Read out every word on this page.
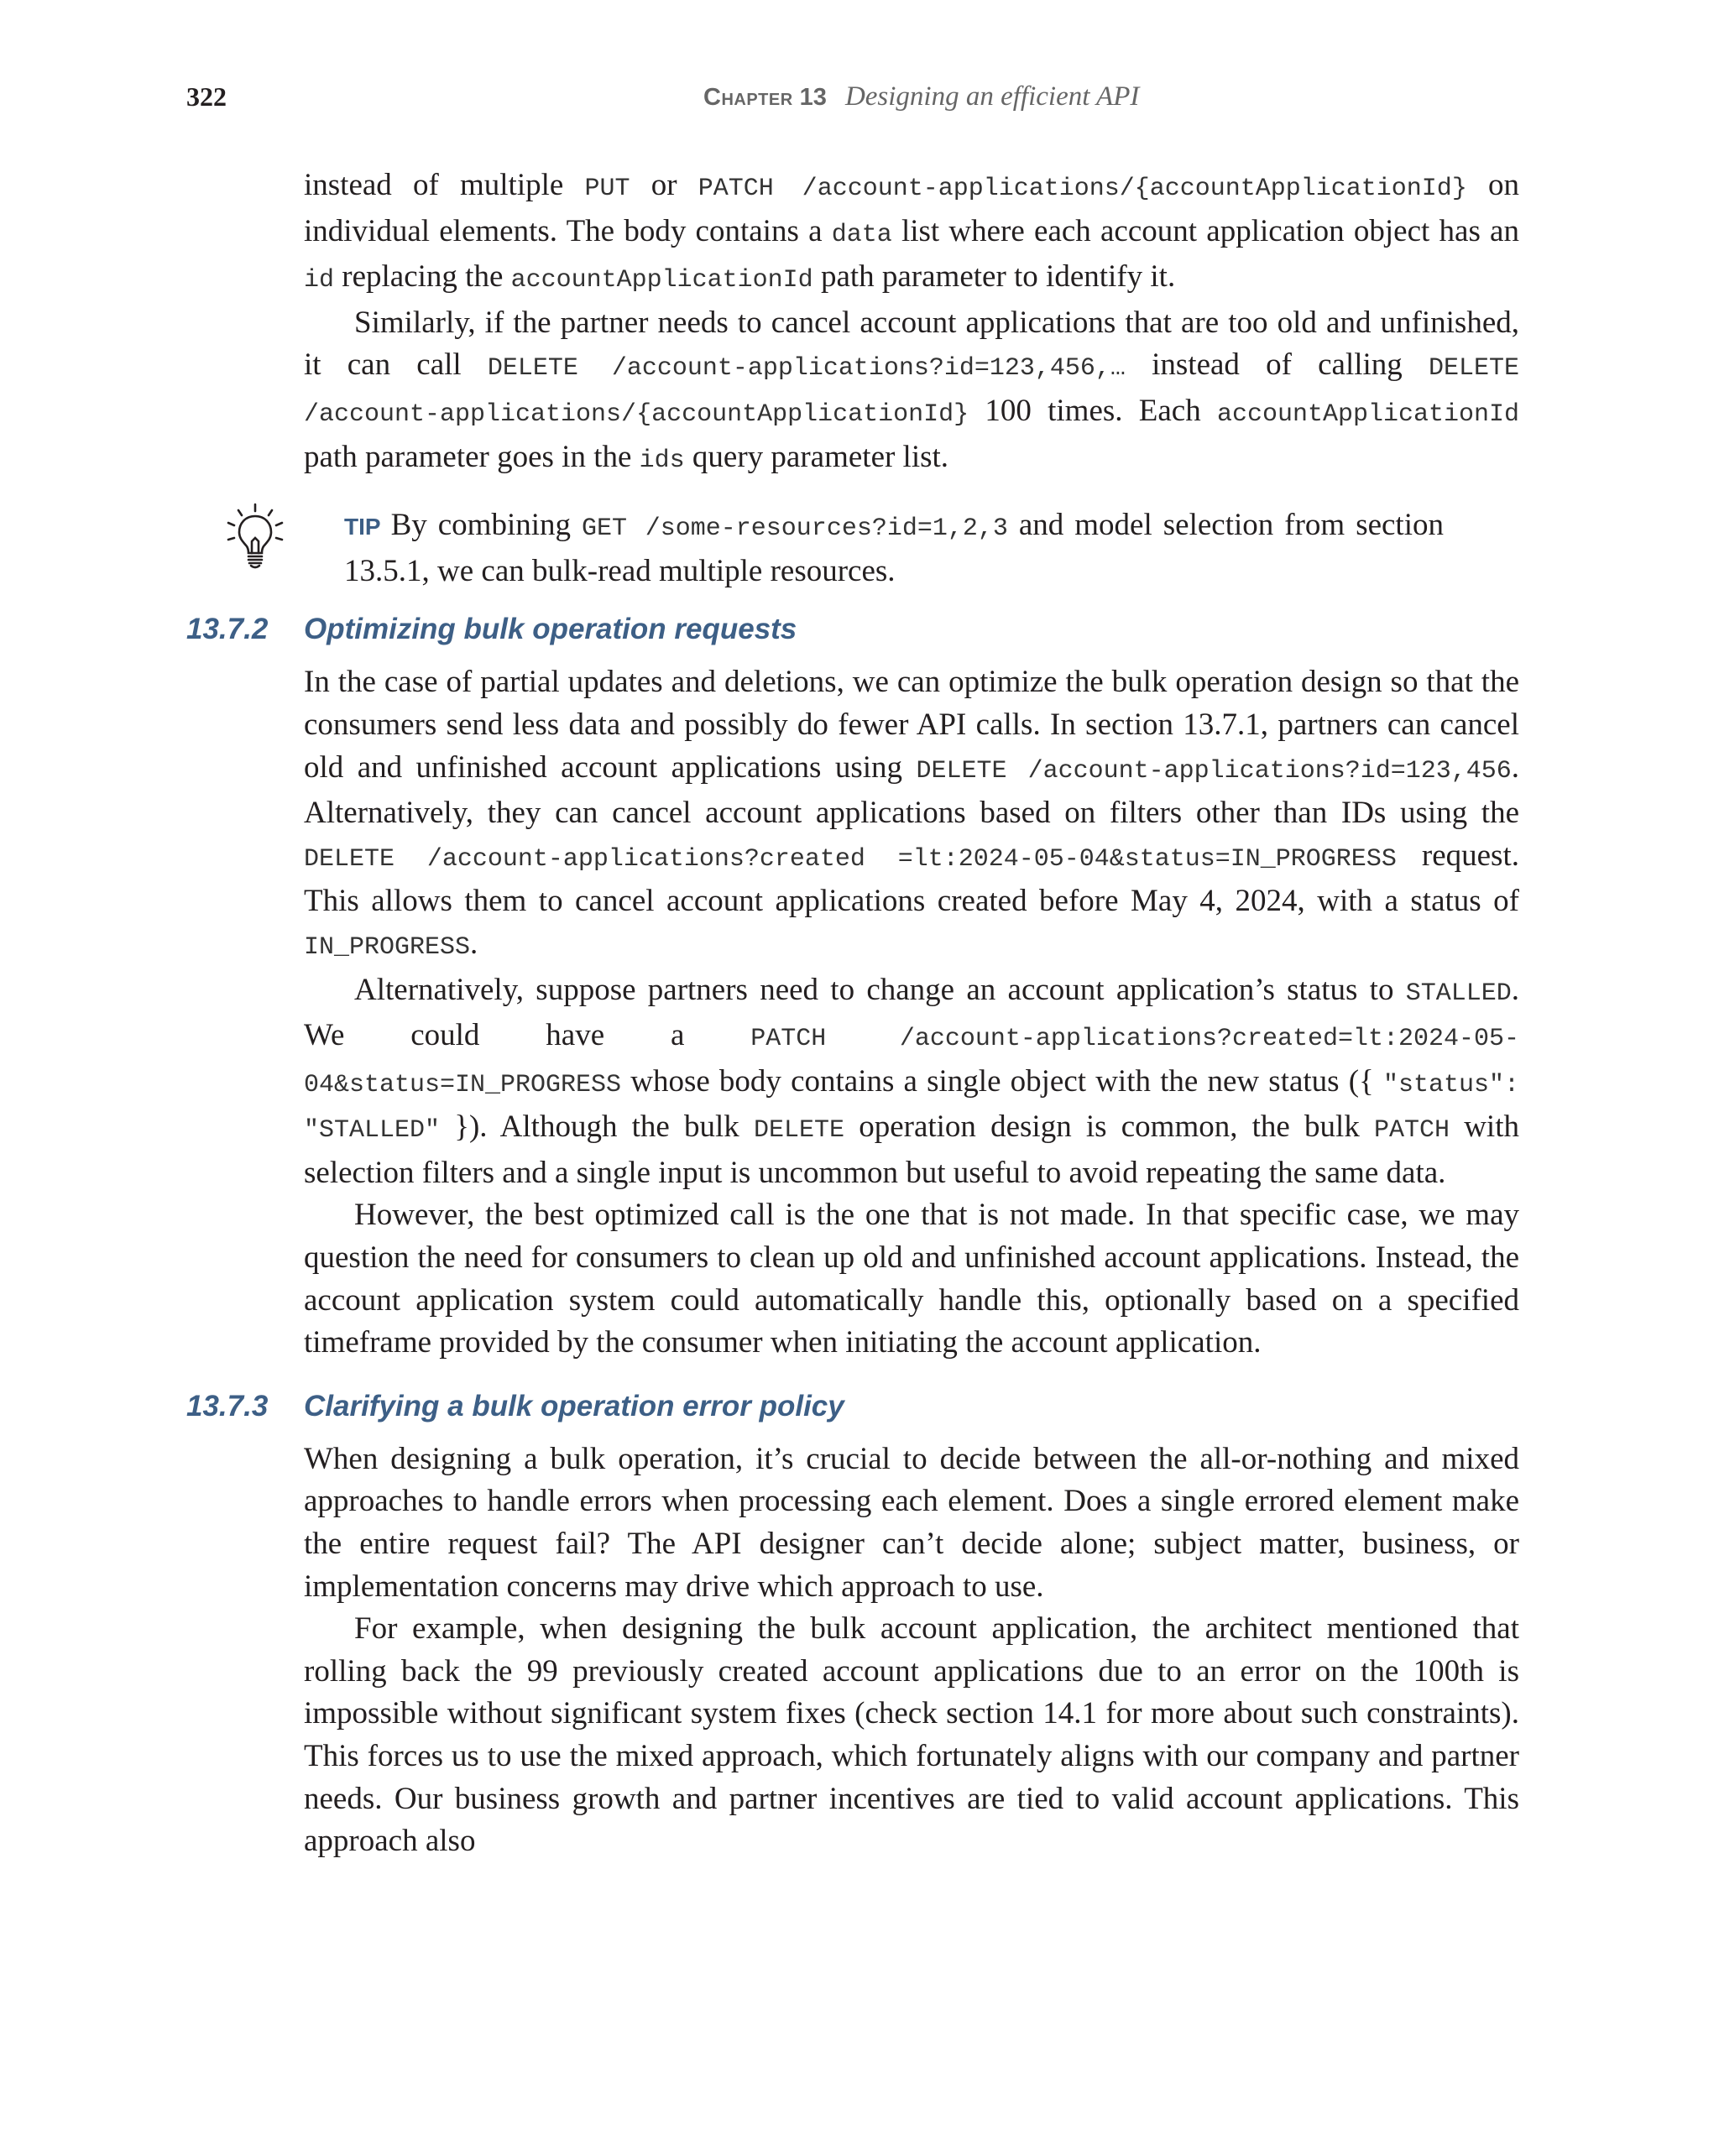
322	Chapter 13 Designing an efficient API

instead of multiple PUT or PATCH /account-applications/{accountApplicationId} on individual elements. The body contains a data list where each account application object has an id replacing the accountApplicationId path parameter to identify it.

Similarly, if the partner needs to cancel account applications that are too old and unfinished, it can call DELETE /account-applications?id=123,456,… instead of calling DELETE /account-applications/{accountApplicationId} 100 times. Each accountApplicationId path parameter goes in the ids query parameter list.

TIP By combining GET /some-resources?id=1,2,3 and model selection from section 13.5.1, we can bulk-read multiple resources.

13.7.2 Optimizing bulk operation requests

In the case of partial updates and deletions, we can optimize the bulk operation design so that the consumers send less data and possibly do fewer API calls. In section 13.7.1, partners can cancel old and unfinished account applications using DELETE /account-applications?id=123,456. Alternatively, they can cancel account applications based on filters other than IDs using the DELETE /account-applications?created =lt:2024-05-04&status=IN_PROGRESS request. This allows them to cancel account applications created before May 4, 2024, with a status of IN_PROGRESS.

Alternatively, suppose partners need to change an account application’s status to STALLED. We could have a PATCH /account-applications?created=lt:2024-05-04&status=IN_PROGRESS whose body contains a single object with the new status ({ "status": "STALLED" }). Although the bulk DELETE operation design is common, the bulk PATCH with selection filters and a single input is uncommon but useful to avoid repeating the same data.

However, the best optimized call is the one that is not made. In that specific case, we may question the need for consumers to clean up old and unfinished account applications. Instead, the account application system could automatically handle this, optionally based on a specified timeframe provided by the consumer when initiating the account application.

13.7.3 Clarifying a bulk operation error policy

When designing a bulk operation, it’s crucial to decide between the all-or-nothing and mixed approaches to handle errors when processing each element. Does a single errored element make the entire request fail? The API designer can’t decide alone; subject matter, business, or implementation concerns may drive which approach to use.

For example, when designing the bulk account application, the architect mentioned that rolling back the 99 previously created account applications due to an error on the 100th is impossible without significant system fixes (check section 14.1 for more about such constraints). This forces us to use the mixed approach, which fortunately aligns with our company and partner needs. Our business growth and partner incentives are tied to valid account applications. This approach also
